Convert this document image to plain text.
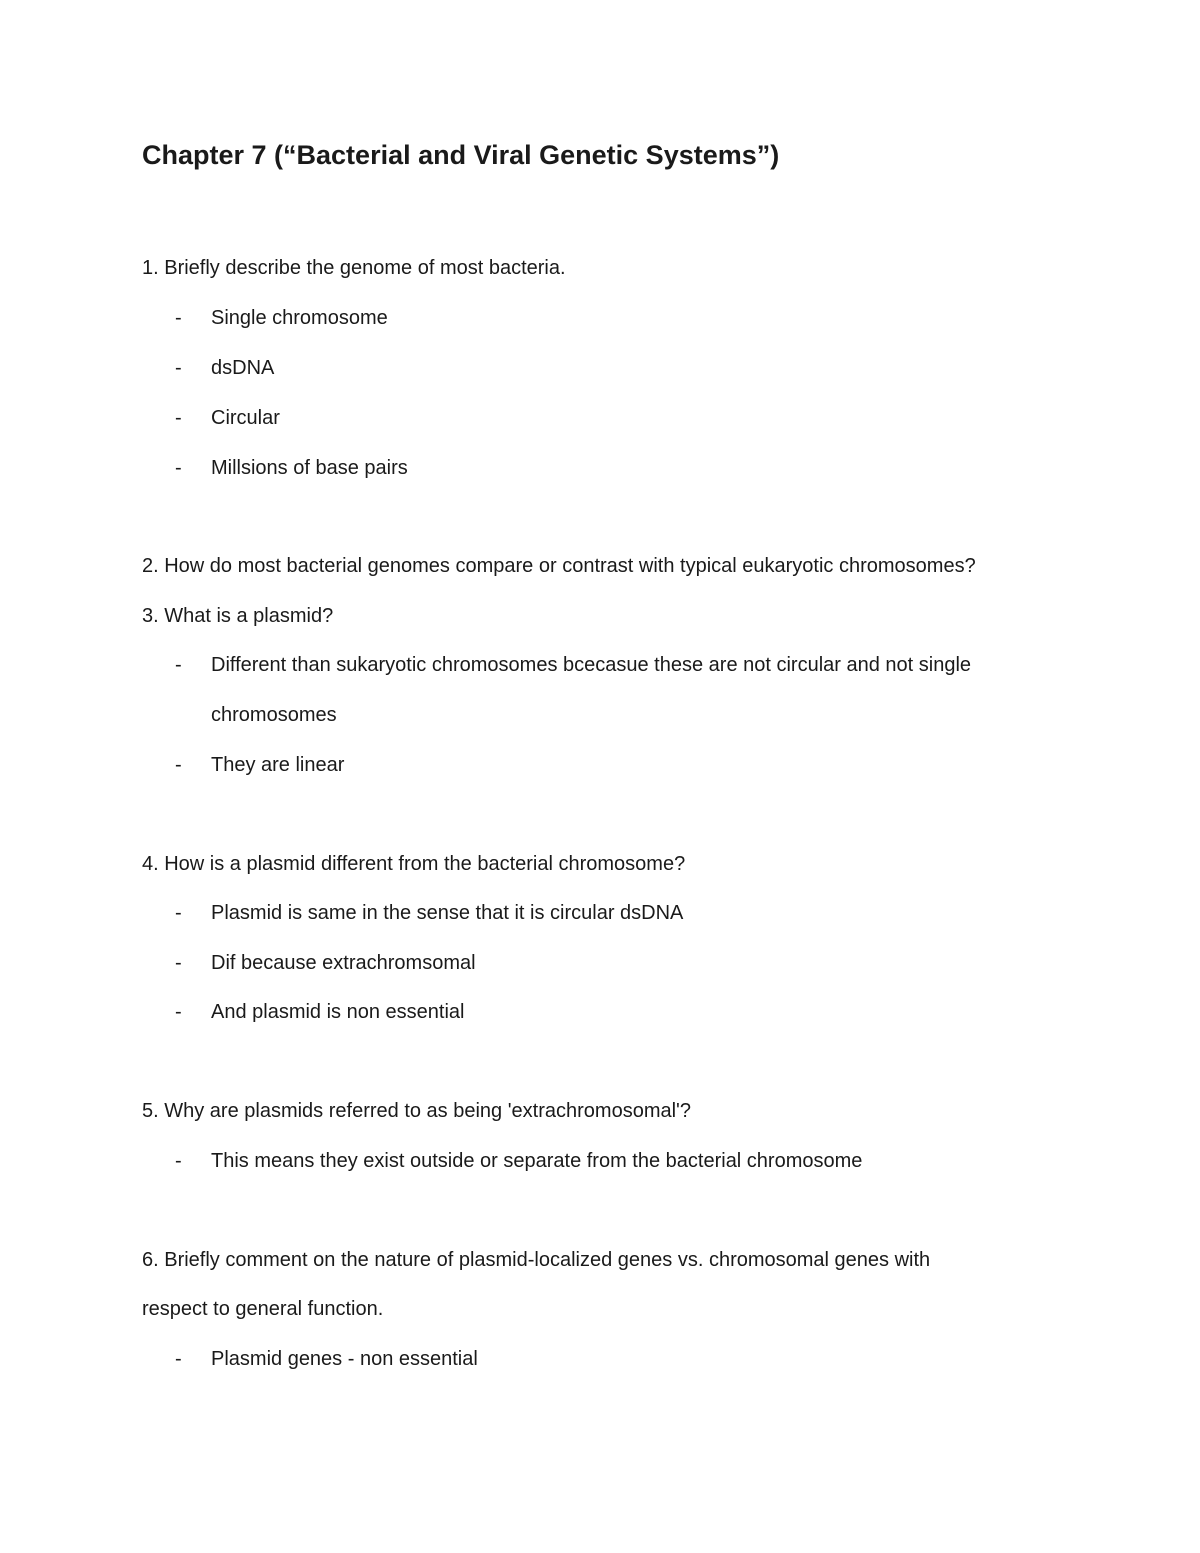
Chapter 7 (“Bacterial and Viral Genetic Systems”)
1. Briefly describe the genome of most bacteria.
- Single chromosome
- dsDNA
- Circular
- Millsions of base pairs
2. How do most bacterial genomes compare or contrast with typical eukaryotic chromosomes?
3. What is a plasmid?
- Different than sukaryotic chromosomes bcecasue these are not circular and not single
chromosomes
- They are linear
4. How is a plasmid different from the bacterial chromosome?
- Plasmid is same in the sense that it is circular dsDNA
- Dif because extrachromsomal
- And plasmid is non essential
5. Why are plasmids referred to as being 'extrachromosomal'?
- This means they exist outside or separate from the bacterial chromosome
6. Briefly comment on the nature of plasmid-localized genes vs. chromosomal genes with
respect to general function.
- Plasmid genes - non essential
